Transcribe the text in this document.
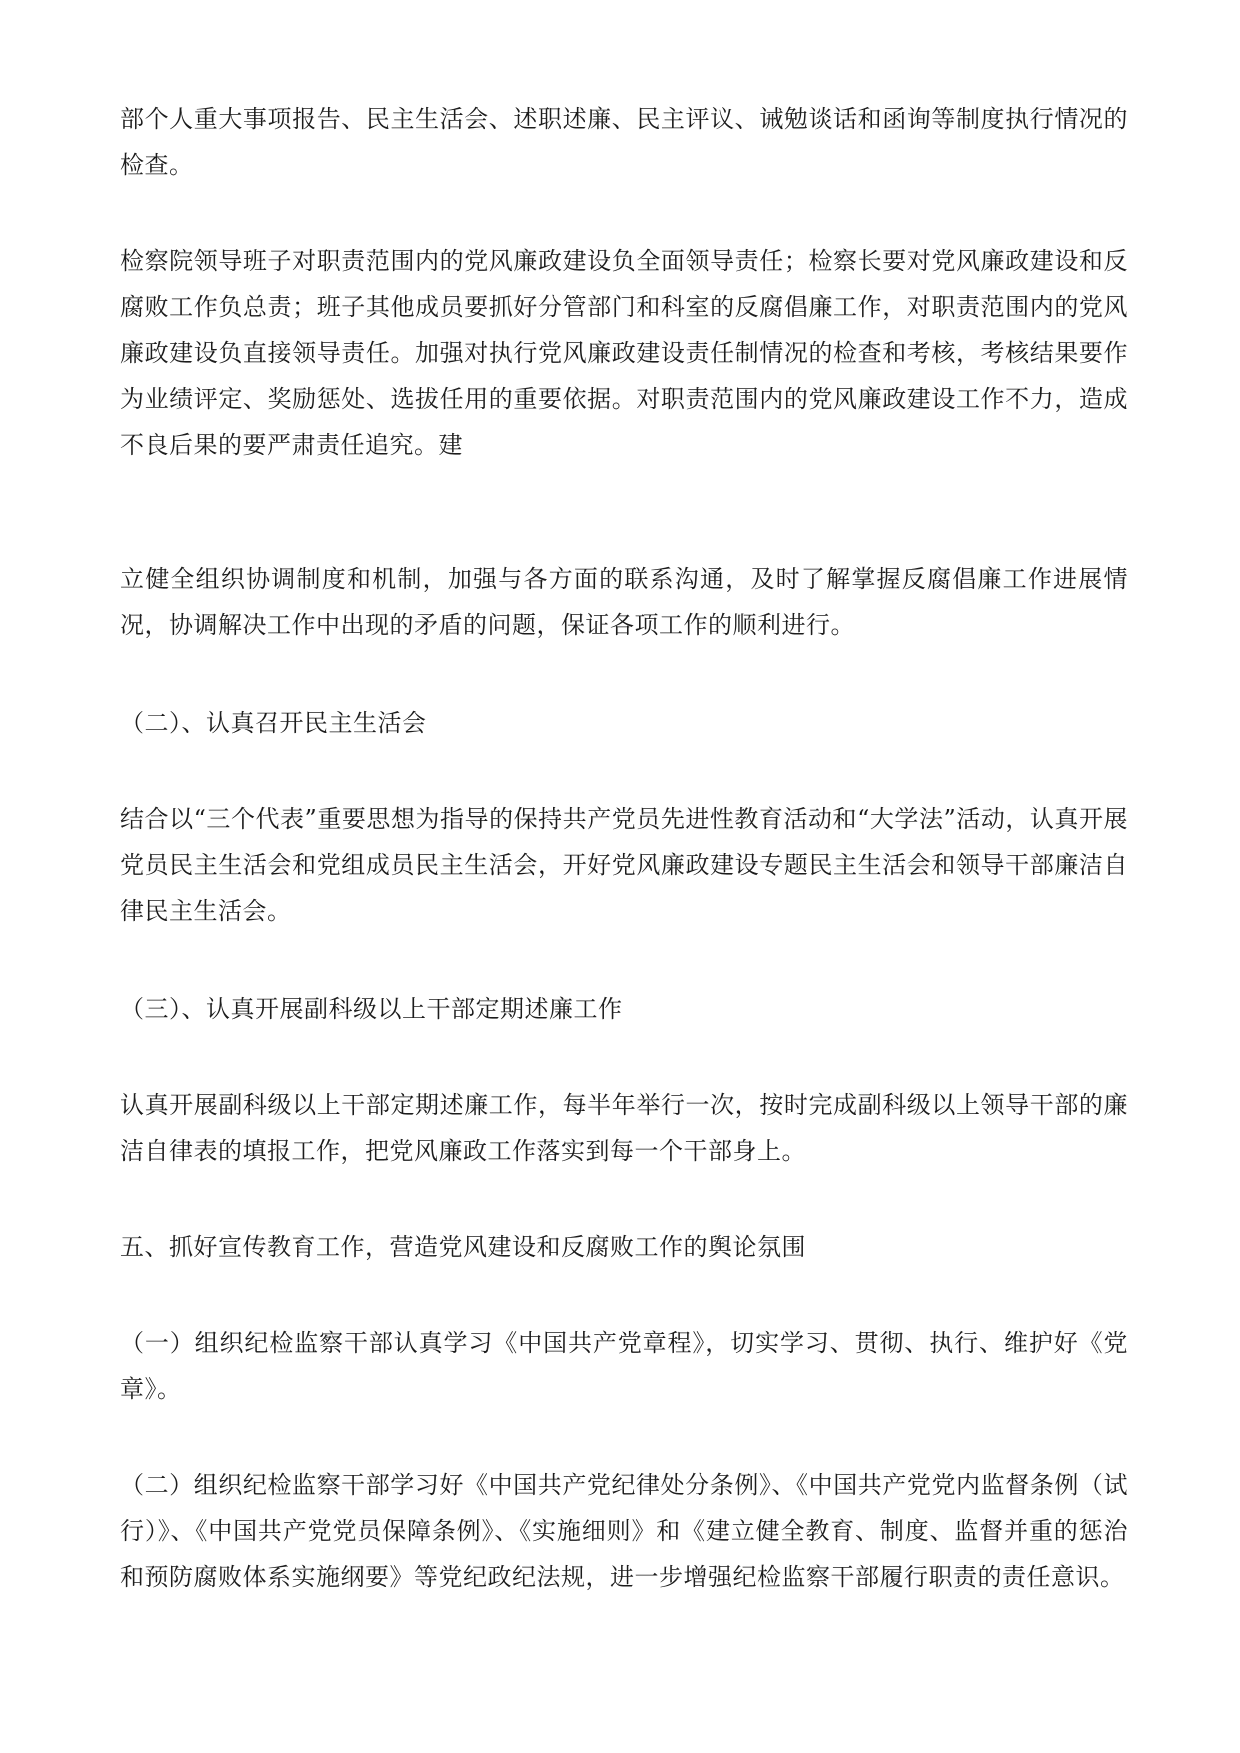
部个人重大事项报告、民主生活会、述职述廉、民主评议、诫勉谈话和函询等制度执行情况的检查。

检察院领导班子对职责范围内的党风廉政建设负全面领导责任；检察长要对党风廉政建设和反腐败工作负总责；班子其他成员要抓好分管部门和科室的反腐倡廉工作，对职责范围内的党风廉政建设负直接领导责任。加强对执行党风廉政建设责任制情况的检查和考核，考核结果要作为业绩评定、奖励惩处、选拔任用的重要依据。对职责范围内的党风廉政建设工作不力，造成不良后果的要严肃责任追究。建

立健全组织协调制度和机制，加强与各方面的联系沟通，及时了解掌握反腐倡廉工作进展情况，协调解决工作中出现的矛盾的问题，保证各项工作的顺利进行。

（二）、认真召开民主生活会

结合以“三个代表”重要思想为指导的保持共产党员先进性教育活动和“大学法”活动，认真开展党员民主生活会和党组成员民主生活会，开好党风廉政建设专题民主生活会和领导干部廉洁自律民主生活会。

（三）、认真开展副科级以上干部定期述廉工作

认真开展副科级以上干部定期述廉工作，每半年举行一次，按时完成副科级以上领导干部的廉洁自律表的填报工作，把党风廉政工作落实到每一个干部身上。

五、抓好宣传教育工作，营造党风建设和反腐败工作的舆论氛围

（一）组织纪检监察干部认真学习《中国共产党章程》，切实学习、贯彻、执行、维护好《党章》。

（二）组织纪检监察干部学习好《中国共产党纪律处分条例》、《中国共产党党内监督条例（试行）》、《中国共产党党员保障条例》、《实施细则》和《建立健全教育、制度、监督并重的惩治和预防腐败体系实施纲要》等党纪政纪法规，进一步增强纪检监察干部履行职责的责任意识。
